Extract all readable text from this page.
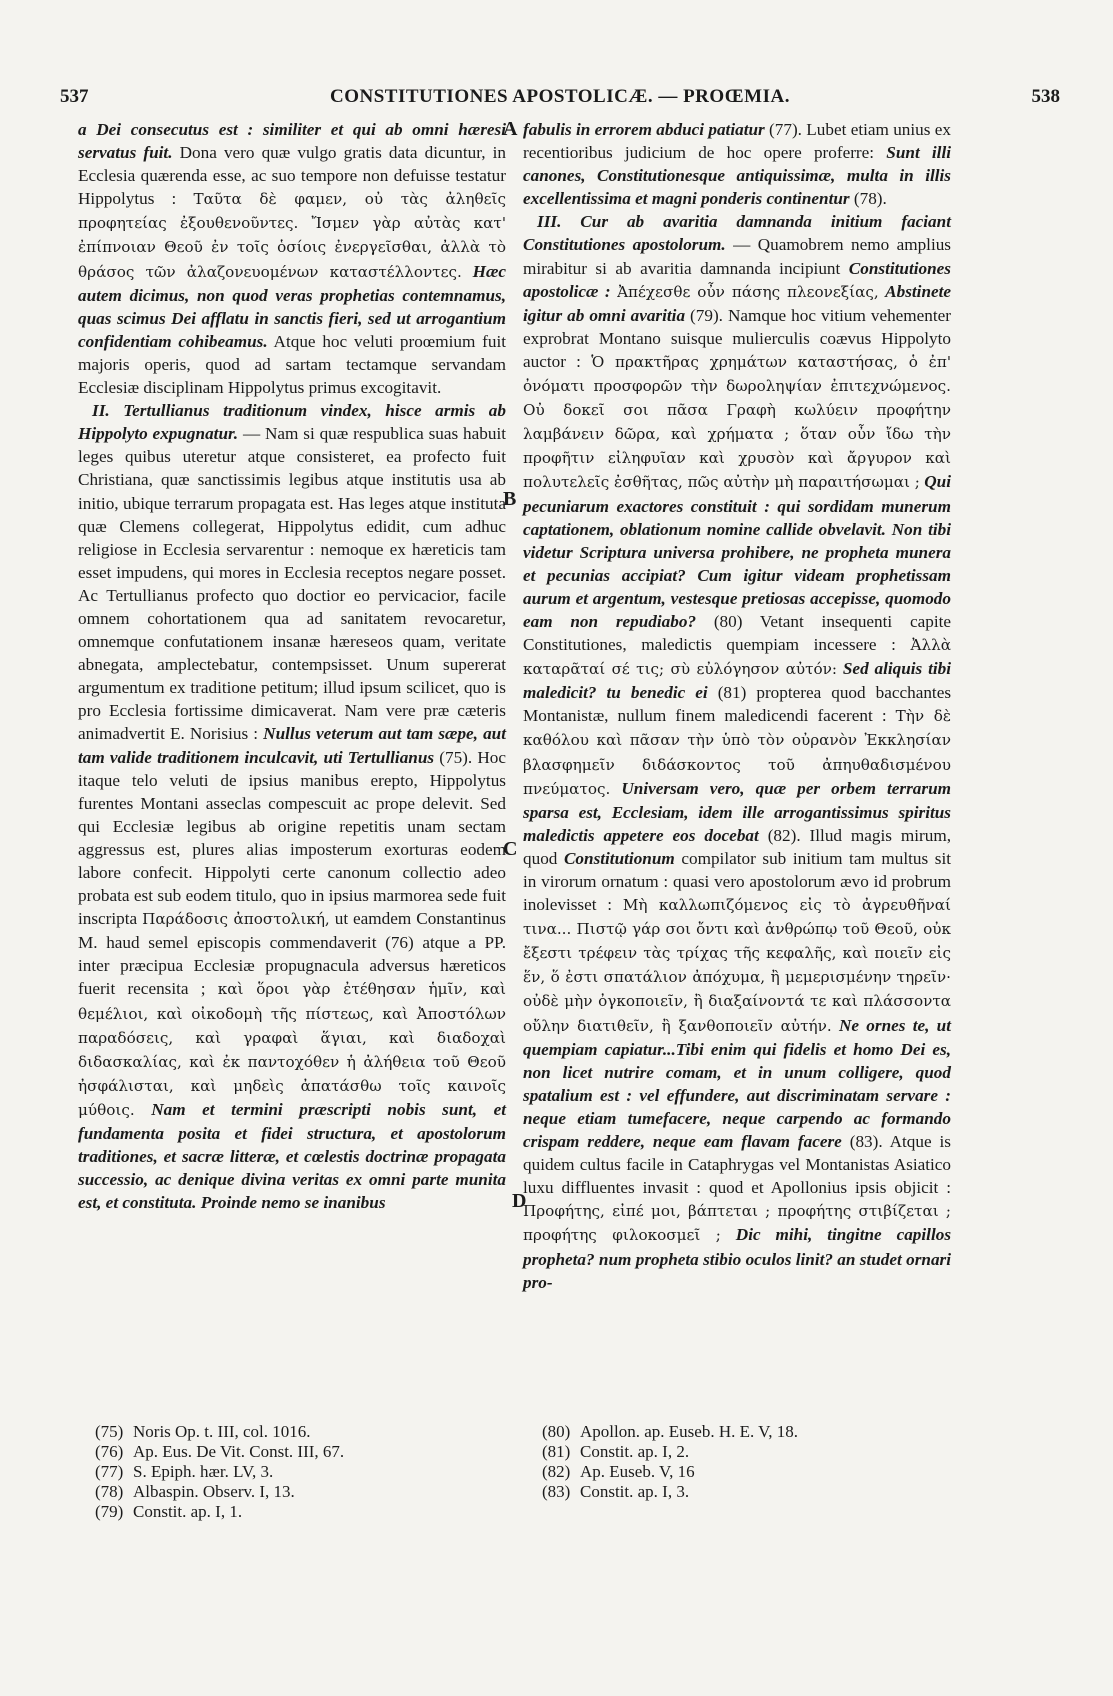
537	CONSTITUTIONES APOSTOLICÆ. — PROŒMIA.	538
A
B
C
D

a Dei consecutus est : similiter et qui ab omni hæresi servatus fuit. Dona vero quæ vulgo gratis data dicuntur, in Ecclesia quærenda esse, ac suo tempore non defuisse testatur Hippolytus : Ταῦτα δὲ φαμεν, οὐ τὰς ἀληθεῖς προφητείας ἐξουθενοῦντες. Ἴσμεν γὰρ αὐτὰς κατ' ἐπίπνοιαν Θεοῦ ἐν τοῖς ὁσίοις ἐνεργεῖσθαι, ἀλλὰ τὸ θράσος τῶν ἀλαζονευομένων καταστέλλοντες. Hæc autem dicimus, non quod veras prophetias contemnamus, quas scimus Dei afflatu in sanctis fieri, sed ut arrogantium confidentiam cohibeamus. Atque hoc veluti proœmium fuit majoris operis, quod ad sartam tectamque servandam Ecclesiæ disciplinam Hippolytus primus excogitavit.

II. Tertullianus traditionum vindex, hisce armis ab Hippolyto expugnatur. — Nam si quæ respublica suas habuit leges quibus uteretur atque consisteret, ea profecto fuit Christiana, quæ sanctissimis legibus atque institutis usa ab initio, ubique terrarum propagata est. Has leges atque instituta quæ Clemens collegerat, Hippolytus edidit, cum adhuc religiose in Ecclesia servarentur : nemoque ex hæreticis tam esset impudens, qui mores in Ecclesia receptos negare posset. Ac Tertullianus profecto quo doctior eo pervicacior, facile omnem cohortationem qua ad sanitatem revocaretur, omnemque confutationem insanæ hæreseos quam, veritate abnegata, amplectebatur, contempsisset. Unum supererat argumentum ex traditione petitum; illud ipsum scilicet, quo is pro Ecclesia fortissime dimicaverat. Nam vere præ cæteris animadvertit E. Norisius : Nullus veterum aut tam sæpe, aut tam valide traditionem inculcavit, uti Tertullianus (75). Hoc itaque telo veluti de ipsius manibus erepto, Hippolytus furentes Montani asseclas compescuit ac prope delevit. Sed qui Ecclesiæ legibus ab origine repetitis unam sectam aggressus est, plures alias imposterum exorturas eodem labore confecit. Hippolyti certe canonum collectio adeo probata est sub eodem titulo, quo in ipsius marmorea sede fuit inscripta Παράδοσις ἀποστολική, ut eamdem Constantinus M. haud semel episcopis commendaverit (76) atque a PP. inter præcipua Ecclesiæ propugnacula adversus hæreticos fuerit recensita ; καὶ ὅροι γὰρ ἐτέθησαν ἡμῖν, καὶ θεμέλιοι, καὶ οἰκοδομὴ τῆς πίστεως, καὶ Ἀποστόλων παραδόσεις, καὶ γραφαὶ ἅγιαι, καὶ διαδοχαὶ διδασκαλίας, καὶ ἐκ παντοχόθεν ἡ ἀλήθεια τοῦ Θεοῦ ἠσφάλισται, καὶ μηδεὶς ἀπατάσθω τοῖς καινοῖς μύθοις. Nam et termini præscripti nobis sunt, et fundamenta posita et fidei structura, et apostolorum traditiones, et sacræ litteræ, et cœlestis doctrinæ propagata successio, ac denique divina veritas ex omni parte munita est, et constituta. Proinde nemo se inanibus

fabulis in errorem abduci patiatur (77). Lubet etiam unius ex recentioribus judicium de hoc opere proferre: Sunt illi canones, Constitutionesque antiquissimæ, multa in illis excellentissima et magni ponderis continentur (78).

III. Cur ab avaritia damnanda initium faciant Constitutiones apostolorum. — Quamobrem nemo amplius mirabitur si ab avaritia damnanda incipiunt Constitutiones apostolicæ : Ἀπέχεσθε οὖν πάσης πλεονεξίας, Abstinete igitur ab omni avaritia (79). Namque hoc vitium vehementer exprobrat Montano suisque mulierculis coævus Hippolyto auctor : Ὁ πρακτῆρας χρημάτων καταστήσας, ὁ ἐπ' ὀνόματι προσφορῶν τὴν δωροληψίαν ἐπιτεχνώμενος. Οὐ δοκεῖ σοι πᾶσα Γραφὴ κωλύειν προφήτην λαμβάνειν δῶρα, καὶ χρήματα ; ὅταν οὖν ἴδω τὴν προφῆτιν εἰληφυῖαν καὶ χρυσὸν καὶ ἄργυρον καὶ πολυτελεῖς ἐσθῆτας, πῶς αὐτὴν μὴ παραιτήσωμαι ; Qui pecuniarum exactores constituit : qui sordidam munerum captationem, oblationum nomine callide obvelavit. Non tibi videtur Scriptura universa prohibere, ne propheta munera et pecunias accipiat? Cum igitur videam prophetissam aurum et argentum, vestesque pretiosas accepisse, quomodo eam non repudiabo? (80) Vetant insequenti capite Constitutiones, maledictis quempiam incessere : Ἀλλὰ καταρᾶταί σέ τις; σὺ εὐλόγησον αὐτόν: Sed aliquis tibi maledicit? tu benedic ei (81) propterea quod bacchantes Montanistæ, nullum finem maledicendi facerent : Τὴν δὲ καθόλου καὶ πᾶσαν τὴν ὑπὸ τὸν οὐρανὸν Ἐκκλησίαν βλασφημεῖν διδάσκοντος τοῦ ἀπηυθαδισμένου πνεύματος. Universam vero, quæ per orbem terrarum sparsa est, Ecclesiam, idem ille arrogantissimus spiritus maledictis appetere eos docebat (82). Illud magis mirum, quod Constitutionum compilator sub initium tam multus sit in virorum ornatum : quasi vero apostolorum ævo id probrum inolevisset : Μὴ καλλωπιζόμενος εἰς τὸ ἀγρευθῆναί τινα... Πιστῷ γάρ σοι ὄντι καὶ ἀνθρώπῳ τοῦ Θεοῦ, οὐκ ἔξεστι τρέφειν τὰς τρίχας τῆς κεφαλῆς, καὶ ποιεῖν εἰς ἕν, ὅ ἐστι σπατάλιον ἀπόχυμα, ἢ μεμερισμένην τηρεῖν· οὐδὲ μὴν ὀγκοποιεῖν, ἢ διαξαίνοντά τε καὶ πλάσσοντα οὔλην διατιθεῖν, ἢ ξανθοποιεῖν αὐτήν. Ne ornes te, ut quempiam capiatur...Tibi enim qui fidelis et homo Dei es, non licet nutrire comam, et in unum colligere, quod spatalium est : vel effundere, aut discriminatam servare : neque etiam tumefacere, neque carpendo ac formando crispam reddere, neque eam flavam facere (83). Atque is quidem cultus facile in Cataphrygas vel Montanistas Asiatico luxu diffluentes invasit : quod et Apollonius ipsis objicit : Προφήτης, εἰπέ μοι, βάπτεται ; προφήτης στιβίζεται ; προφήτης φιλοκοσμεῖ ; Dic mihi, tingitne capillos propheta? num propheta stibio oculos linit? an studet ornari pro-

(75) Noris Op. t. III, col. 1016.
(76) Ap. Eus. De Vit. Const. III, 67.
(77) S. Epiph. hær. LV, 3.
(78) Albaspin. Observ. I, 13.
(79) Constit. ap. I, 1.
(80) Apollon. ap. Euseb. H. E. V, 18.
(81) Constit. ap. I, 2.
(82) Ap. Euseb. V, 16
(83) Constit. ap. I, 3.
